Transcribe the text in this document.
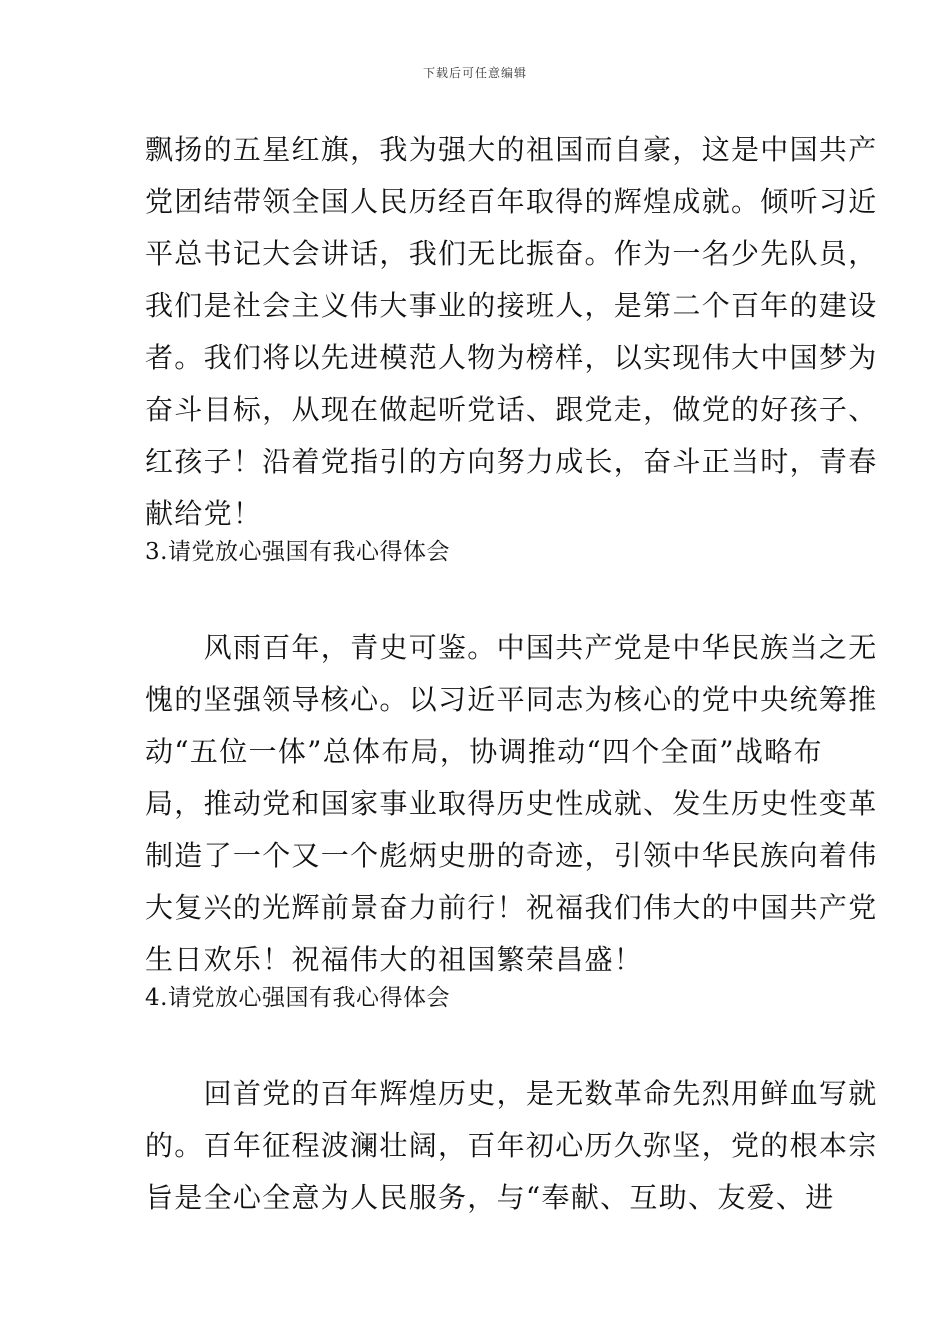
下载后可任意编辑
飘扬的五星红旗，我为强大的祖国而自豪，这是中国共产
党团结带领全国人民历经百年取得的辉煌成就。倾听习近
平总书记大会讲话，我们无比振奋。作为一名少先队员，
我们是社会主义伟大事业的接班人，是第二个百年的建设
者。我们将以先进模范人物为榜样，以实现伟大中国梦为
奋斗目标，从现在做起听党话、跟党走，做党的好孩子、
红孩子！沿着党指引的方向努力成长，奋斗正当时，青春
献给党！
3.请党放心强国有我心得体会
　　风雨百年，青史可鉴。中国共产党是中华民族当之无
愧的坚强领导核心。以习近平同志为核心的党中央统筹推
动“五位一体”总体布局，协调推动“四个全面”战略布
局，推动党和国家事业取得历史性成就、发生历史性变革
制造了一个又一个彪炳史册的奇迹，引领中华民族向着伟
大复兴的光辉前景奋力前行！祝福我们伟大的中国共产党
生日欢乐！祝福伟大的祖国繁荣昌盛！
4.请党放心强国有我心得体会
　　回首党的百年辉煌历史，是无数革命先烈用鲜血写就
的。百年征程波澜壮阔，百年初心历久弥坚，党的根本宗
旨是全心全意为人民服务，与“奉献、互助、友爱、进
